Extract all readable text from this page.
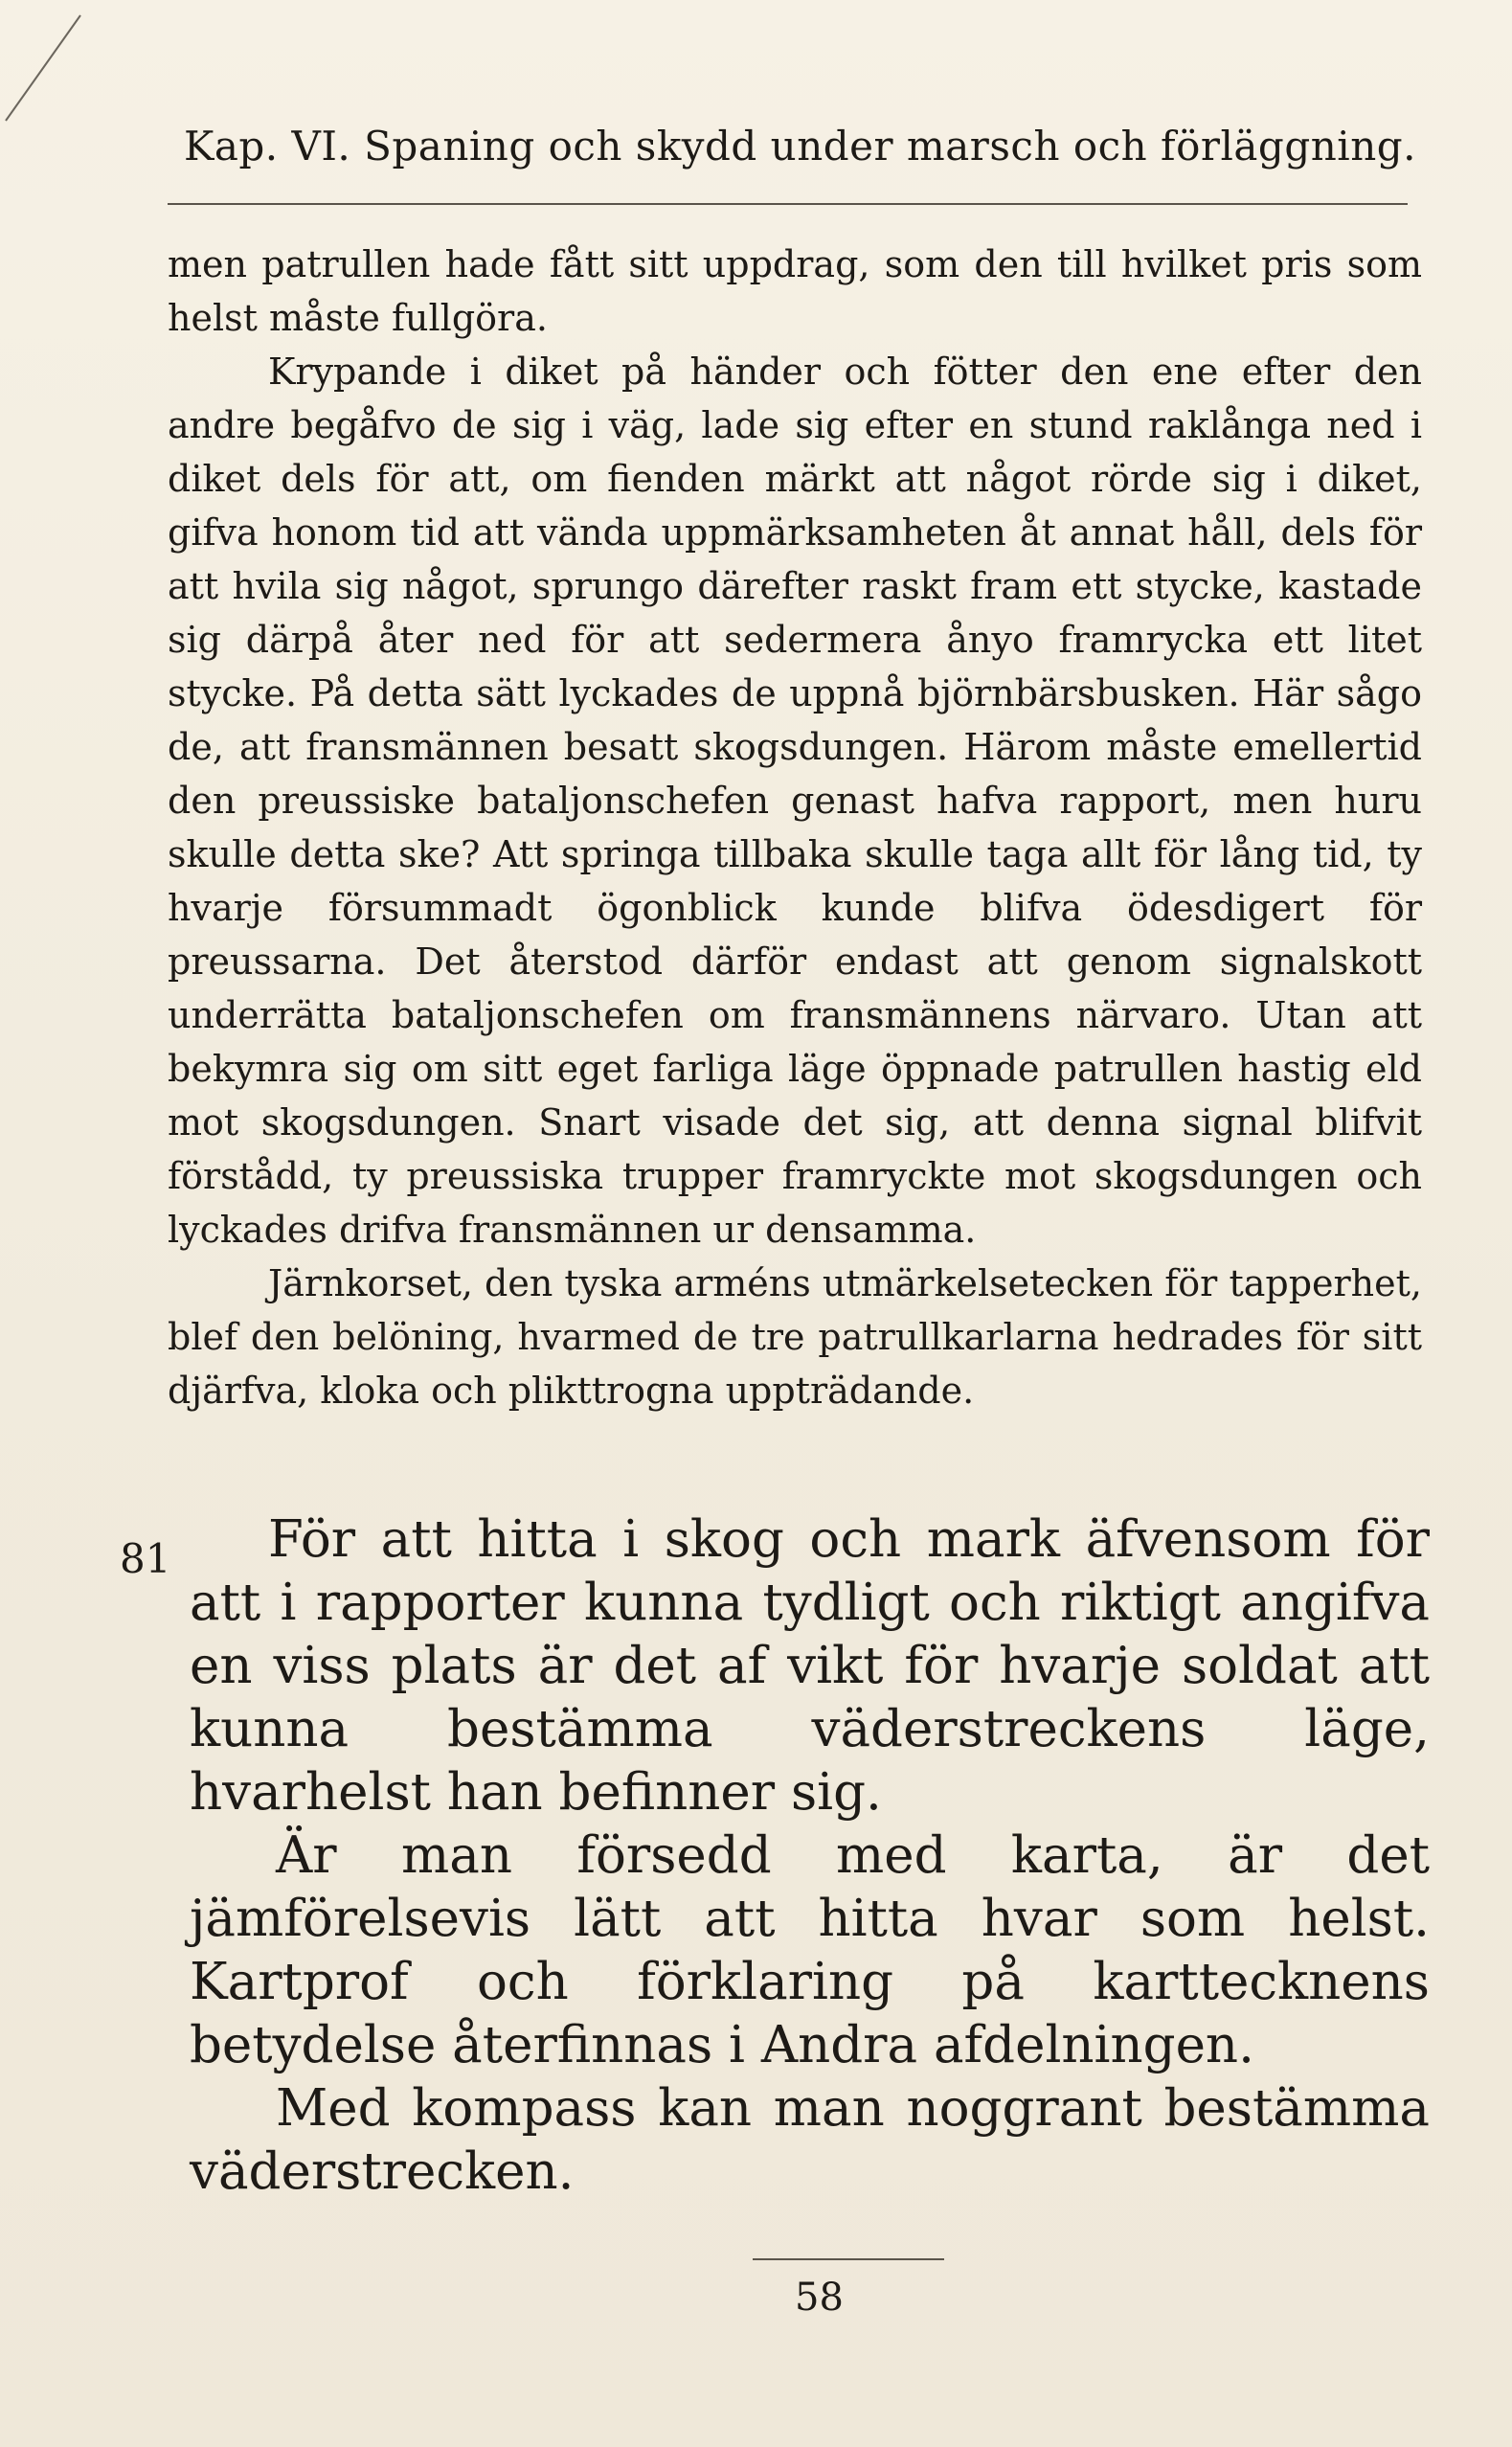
Kap. VI. Spaning och skydd under marsch och förläggning.

men patrullen hade fått sitt uppdrag, som den till hvilket pris som helst måste fullgöra.

Krypande i diket på händer och fötter den ene efter den andre begåfvo de sig i väg, lade sig efter en stund raklånga ned i diket dels för att, om fienden märkt att något rörde sig i diket, gifva honom tid att vända uppmärksamheten åt annat håll, dels för att hvila sig något, sprungo därefter raskt fram ett stycke, kastade sig därpå åter ned för att sedermera ånyo framrycka ett litet stycke. På detta sätt lyckades de uppnå björnbärsbusken. Här sågo de, att fransmännen besatt skogsdungen. Härom måste emellertid den preussiske bataljonschefen genast hafva rapport, men huru skulle detta ske? Att springa tillbaka skulle taga allt för lång tid, ty hvarje försummadt ögonblick kunde blifva ödesdigert för preussarna. Det återstod därför endast att genom signalskott underrätta bataljonschefen om fransmännens närvaro. Utan att bekymra sig om sitt eget farliga läge öppnade patrullen hastig eld mot skogsdungen. Snart visade det sig, att denna signal blifvit förstådd, ty preussiska trupper framryckte mot skogsdungen och lyckades drifva fransmännen ur densamma.

Järnkorset, den tyska arméns utmärkelsetecken för tapperhet, blef den belöning, hvarmed de tre patrullkarlarna hedrades för sitt djärfva, kloka och plikttrogna uppträdande.

81	För att hitta i skog och mark äfvensom för att i rapporter kunna tydligt och riktigt angifva en viss plats är det af vikt för hvarje soldat att kunna bestämma väderstreckens läge, hvarhelst han befinner sig.

Är man försedd med karta, är det jämförelsevis lätt att hitta hvar som helst. Kartprof och förklaring på karttecknens betydelse återfinnas i Andra afdelningen.

Med kompass kan man noggrant bestämma väderstrecken.

58
